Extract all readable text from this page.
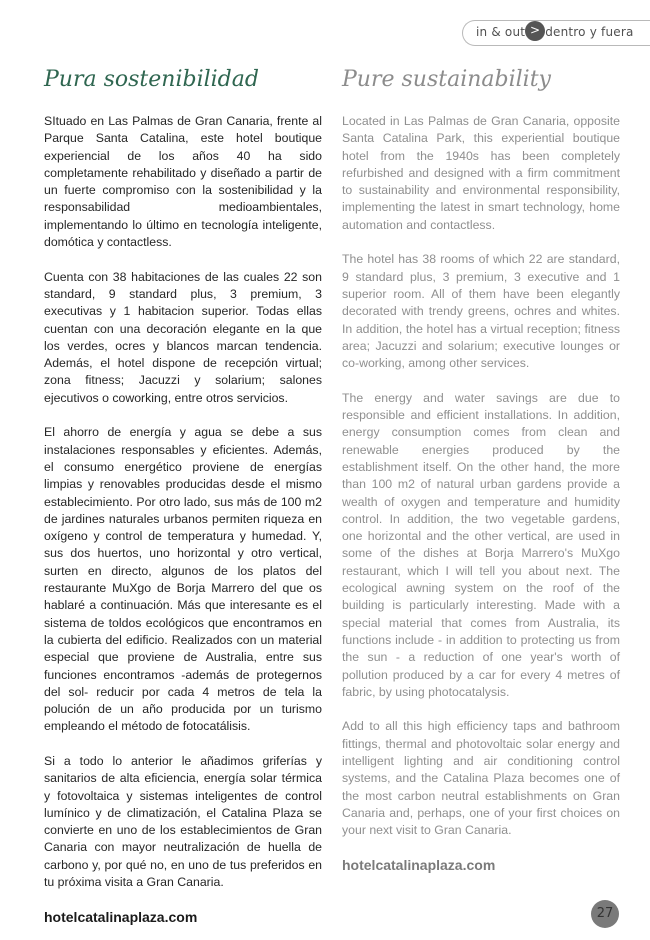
in & out > dentro y fuera
Pura sostenibilidad

SItuado en Las Palmas de Gran Canaria, frente al Parque Santa Catalina, este hotel boutique experiencial de los años 40 ha sido completamente rehabilitado y diseñado a partir de un fuerte compromiso con la sostenibilidad y la responsabilidad medioambientales, implementando lo último en tecnología inteligente, domótica y contactless.

Cuenta con 38 habitaciones de las cuales 22 son standard, 9 standard plus, 3 premium, 3 executivas y 1 habitacion superior. Todas ellas cuentan con una decoración elegante en la que los verdes, ocres y blancos marcan tendencia. Además, el hotel dispone de recepción virtual; zona fitness; Jacuzzi y solarium; salones ejecutivos o coworking, entre otros servicios.

El ahorro de energía y agua se debe a sus instalaciones responsables y eficientes. Además, el consumo energético proviene de energías limpias y renovables producidas desde el mismo establecimiento. Por otro lado, sus más de 100 m2 de jardines naturales urbanos permiten riqueza en oxígeno y control de temperatura y humedad. Y, sus dos huertos, uno horizontal y otro vertical, surten en directo, algunos de los platos del restaurante MuXgo de Borja Marrero del que os hablaré a continuación. Más que interesante es el sistema de toldos ecológicos que encontramos en la cubierta del edificio. Realizados con un material especial que proviene de Australia, entre sus funciones encontramos -además de protegernos del sol- reducir por cada 4 metros de tela la polución de un año producida por un turismo empleando el método de fotocatálisis.

Si a todo lo anterior le añadimos griferías y sanitarios de alta eficiencia, energía solar térmica y fotovoltaica y sistemas inteligentes de control lumínico y de climatización, el Catalina Plaza se convierte en uno de los establecimientos de Gran Canaria con mayor neutralización de huella de carbono y, por qué no, en uno de tus preferidos en tu próxima visita a Gran Canaria.

hotelcatalinaplaza.com
Pure sustainability

Located in Las Palmas de Gran Canaria, opposite Santa Catalina Park, this experiential boutique hotel from the 1940s has been completely refurbished and designed with a firm commitment to sustainability and environmental responsibility, implementing the latest in smart technology, home automation and contactless.

The hotel has 38 rooms of which 22 are standard, 9 standard plus, 3 premium, 3 executive and 1 superior room. All of them have been elegantly decorated with trendy greens, ochres and whites. In addition, the hotel has a virtual reception; fitness area; Jacuzzi and solarium; executive lounges or co-working, among other services.

The energy and water savings are due to responsible and efficient installations. In addition, energy consumption comes from clean and renewable energies produced by the establishment itself. On the other hand, the more than 100 m2 of natural urban gardens provide a wealth of oxygen and temperature and humidity control. In addition, the two vegetable gardens, one horizontal and the other vertical, are used in some of the dishes at Borja Marrero's MuXgo restaurant, which I will tell you about next. The ecological awning system on the roof of the building is particularly interesting. Made with a special material that comes from Australia, its functions include - in addition to protecting us from the sun - a reduction of one year's worth of pollution produced by a car for every 4 metres of fabric, by using photocatalysis.

Add to all this high efficiency taps and bathroom fittings, thermal and photovoltaic solar energy and intelligent lighting and air conditioning control systems, and the Catalina Plaza becomes one of the most carbon neutral establishments on Gran Canaria and, perhaps, one of your first choices on your next visit to Gran Canaria.

hotelcatalinaplaza.com
27
